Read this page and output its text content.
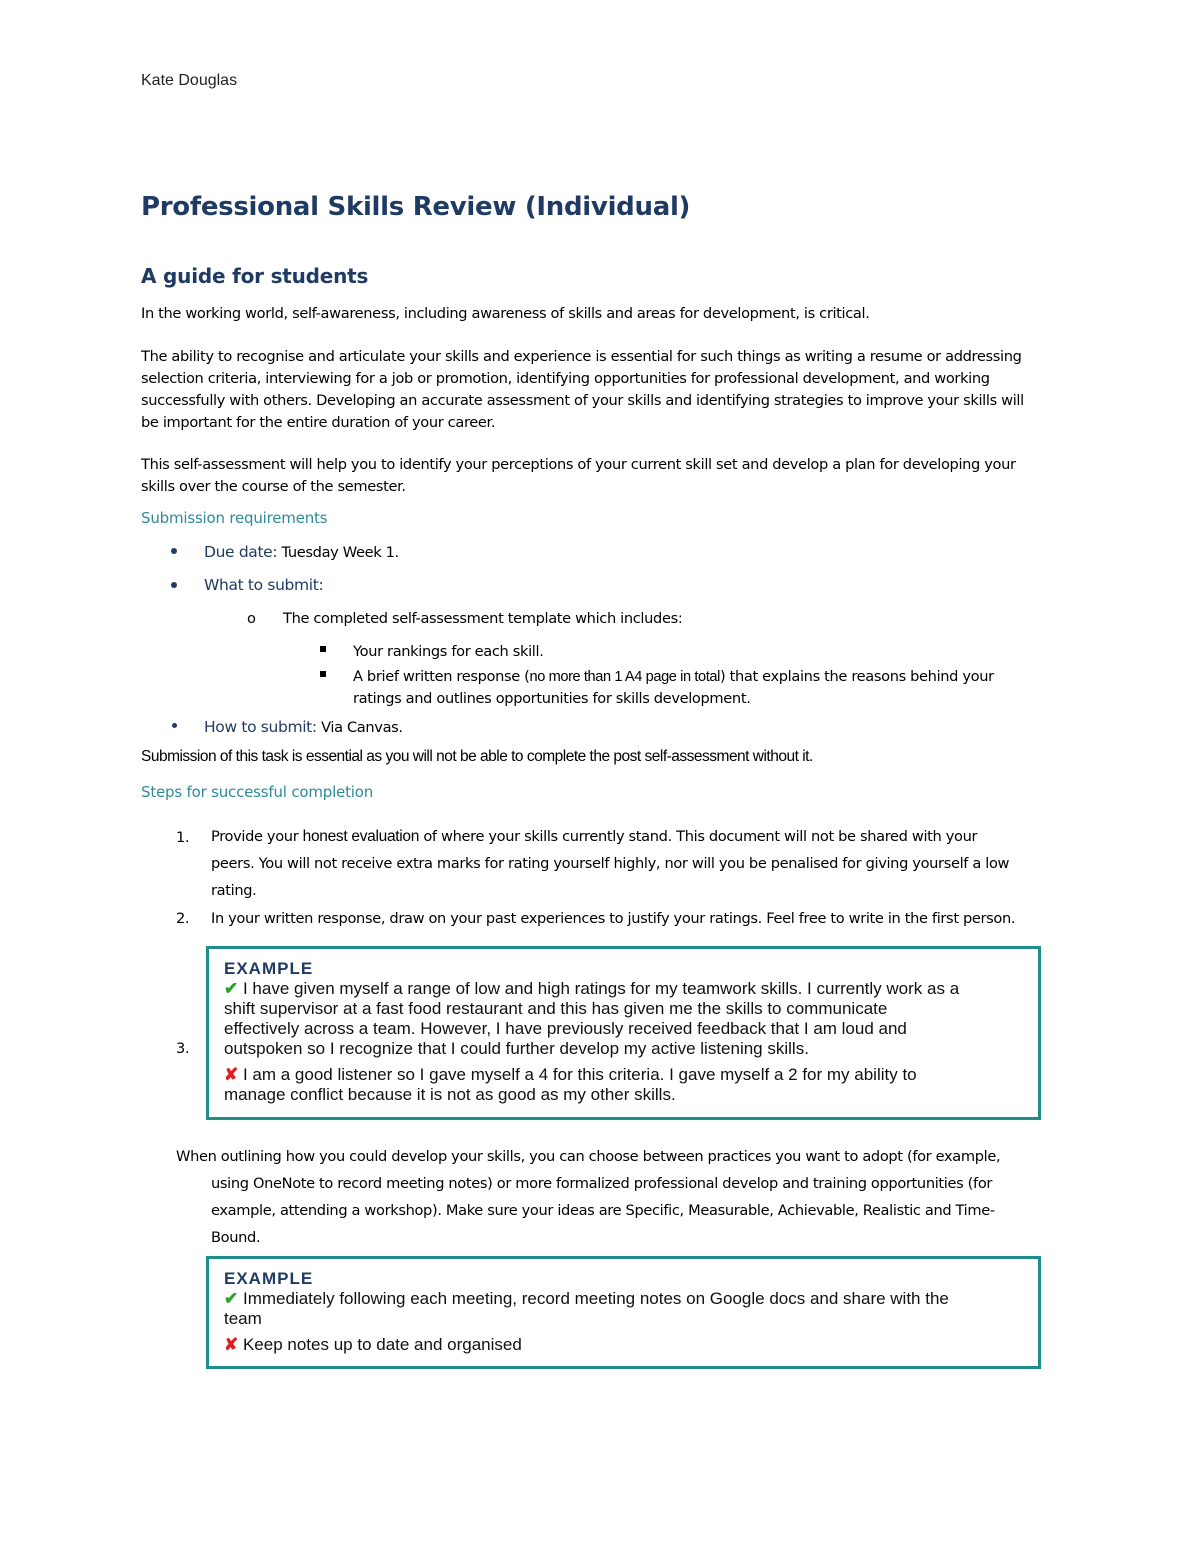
Kate Douglas
Professional Skills Review (Individual)
A guide for students
In the working world, self-awareness, including awareness of skills and areas for development, is critical.
The ability to recognise and articulate your skills and experience is essential for such things as writing a resume or addressing
selection criteria, interviewing for a job or promotion, identifying opportunities for professional development, and working
successfully with others. Developing an accurate assessment of your skills and identifying strategies to improve your skills will
be important for the entire duration of your career.
This self-assessment will help you to identify your perceptions of your current skill set and develop a plan for developing your
skills over the course of the semester.
Submission requirements
Due date: Tuesday Week 1.
What to submit:
o The completed self-assessment template which includes:
Your rankings for each skill.
A brief written response (no more than 1 A4 page in total) that explains the reasons behind your
ratings and outlines opportunities for skills development.
How to submit: Via Canvas.
Submission of this task is essential as you will not be able to complete the post self-assessment without it.
Steps for successful completion
1. Provide your honest evaluation of where your skills currently stand. This document will not be shared with your
peers. You will not receive extra marks for rating yourself highly, nor will you be penalised for giving yourself a low
rating.
2. In your written response, draw on your past experiences to justify your ratings. Feel free to write in the first person.
3.
EXAMPLE
✔ I have given myself a range of low and high ratings for my teamwork skills. I currently work as a
shift supervisor at a fast food restaurant and this has given me the skills to communicate
effectively across a team. However, I have previously received feedback that I am loud and
outspoken so I recognize that I could further develop my active listening skills.
✘ I am a good listener so I gave myself a 4 for this criteria. I gave myself a 2 for my ability to
manage conflict because it is not as good as my other skills.
When outlining how you could develop your skills, you can choose between practices you want to adopt (for example,
using OneNote to record meeting notes) or more formalized professional develop and training opportunities (for
example, attending a workshop). Make sure your ideas are Specific, Measurable, Achievable, Realistic and Time-
Bound.
EXAMPLE
✔ Immediately following each meeting, record meeting notes on Google docs and share with the
team
✘ Keep notes up to date and organised
